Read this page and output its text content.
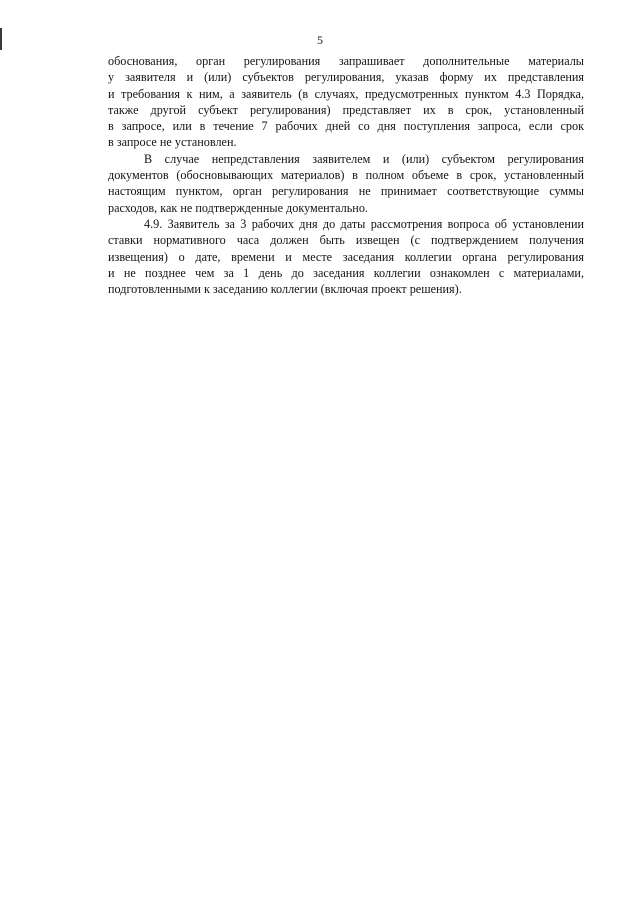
5
обоснования, орган регулирования запрашивает дополнительные материалы
у заявителя и (или) субъектов регулирования, указав форму их представления
и требования к ним, а заявитель (в случаях, предусмотренных пунктом 4.3 Порядка,
также другой субъект регулирования) представляет их в срок, установленный
в запросе, или в течение 7 рабочих дней со дня поступления запроса, если срок
в запросе не установлен.
В случае непредставления заявителем и (или) субъектом регулирования
документов (обосновывающих материалов) в полном объеме в срок, установленный
настоящим пунктом, орган регулирования не принимает соответствующие суммы
расходов, как не подтвержденные документально.
4.9. Заявитель за 3 рабочих дня до даты рассмотрения вопроса об установлении
ставки нормативного часа должен быть извещен (с подтверждением получения
извещения) о дате, времени и месте заседания коллегии органа регулирования
и не позднее чем за 1 день до заседания коллегии ознакомлен с материалами,
подготовленными к заседанию коллегии (включая проект решения).
